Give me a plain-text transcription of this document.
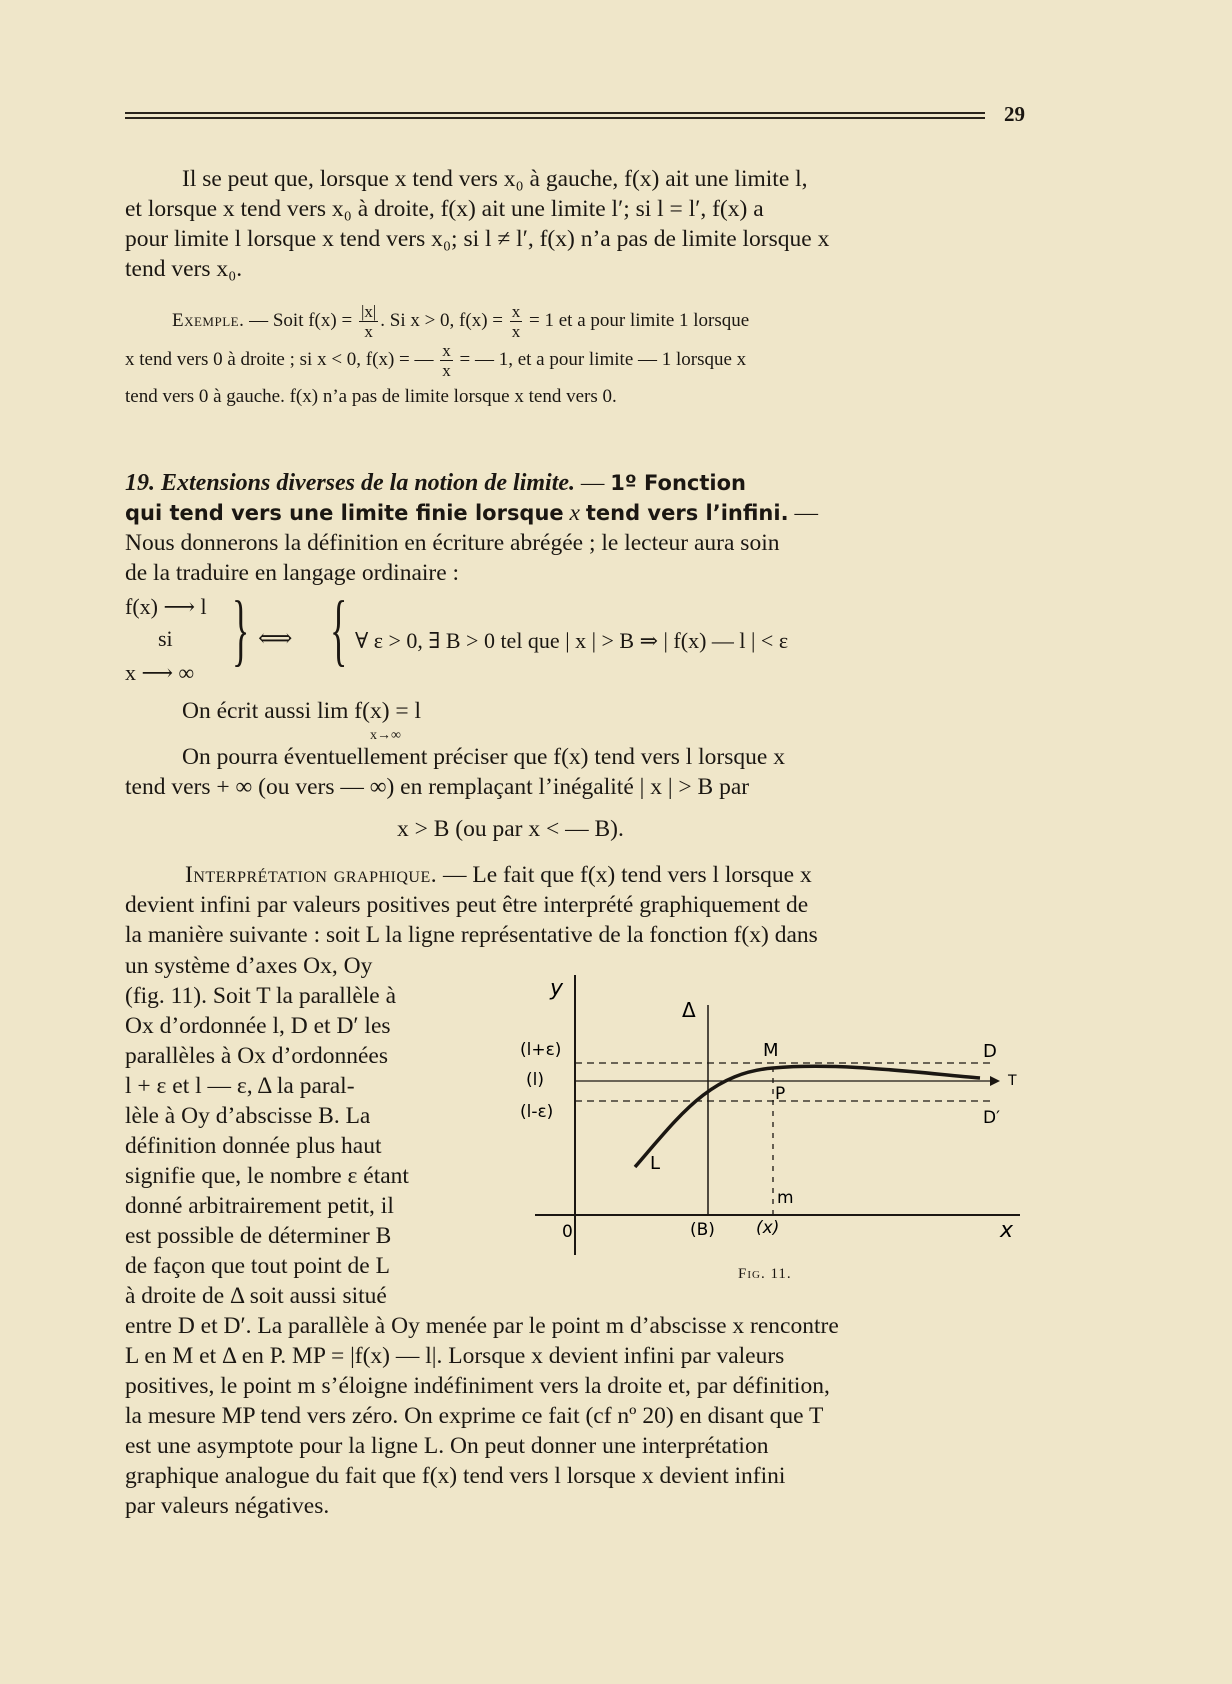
29
Il se peut que, lorsque x tend vers x₀ à gauche, f(x) ait une limite l,
et lorsque x tend vers x₀ à droite, f(x) ait une limite l′; si l = l′, f(x) a
pour limite l lorsque x tend vers x₀; si l ≠ l′, f(x) n’a pas de limite lorsque x
tend vers x₀.
Exemple. — Soit $f(x) = \frac{|x|}{x}$ . Si x > 0, $f(x) = \frac{x}{x} = 1$ et a pour limite 1 lorsque
x tend vers 0 à droite ; si x < 0, f(x) = — $\frac{x}{x}$ = — 1, et a pour limite — 1 lorsque x
tend vers 0 à gauche. f(x) n’a pas de limite lorsque x tend vers 0.
19. Extensions diverses de la notion de limite. — 1º Fonction
qui tend vers une limite finie lorsque x tend vers l’infini. —
Nous donnerons la définition en écriture abrégée ; le lecteur aura soin
de la traduire en langage ordinaire :
f(x) ⟶ l
si
x ⟶ ∞ } ⟺ { ∀ ε > 0, ∃ B > 0 tel que | x | > B ⇒ | f(x) — l | < ε
On écrit aussi lim f(x) = l
x→∞
On pourra éventuellement préciser que f(x) tend vers l lorsque x
tend vers + ∞ (ou vers — ∞) en remplaçant l’inégalité | x | > B par
x > B (ou par x < — B).
Interprétation graphique. — Le fait que f(x) tend vers l lorsque x
devient infini par valeurs positives peut être interprété graphiquement de
la manière suivante : soit L la ligne représentative de la fonction f(x) dans
un système d’axes Ox, Oy
(fig. 11). Soit T la parallèle à
Ox d’ordonnée l, D et D′ les
parallèles à Ox d’ordonnées
l + ε et l — ε, Δ la paral-
lèle à Oy d’abscisse B. La
définition donnée plus haut
signifie que, le nombre ε étant
donné arbitrairement petit, il
est possible de déterminer B
de façon que tout point de L
à droite de Δ soit aussi situé
entre D et D′. La parallèle à Oy menée par le point m d’abscisse x rencontre
L en M et Δ en P. MP = |f(x) — l|. Lorsque x devient infini par valeurs
positives, le point m s’éloigne indéfiniment vers la droite et, par définition,
la mesure MP tend vers zéro. On exprime ce fait (cf nº 20) en disant que T
est une asymptote pour la ligne L. On peut donner une interprétation
graphique analogue du fait que f(x) tend vers l lorsque x devient infini
par valeurs négatives.
y
x
0
Δ
(l+ε)
(l)
(l-ε)
M
P
m
L
D
D′
T
(B) (x)
Fig. 11.
